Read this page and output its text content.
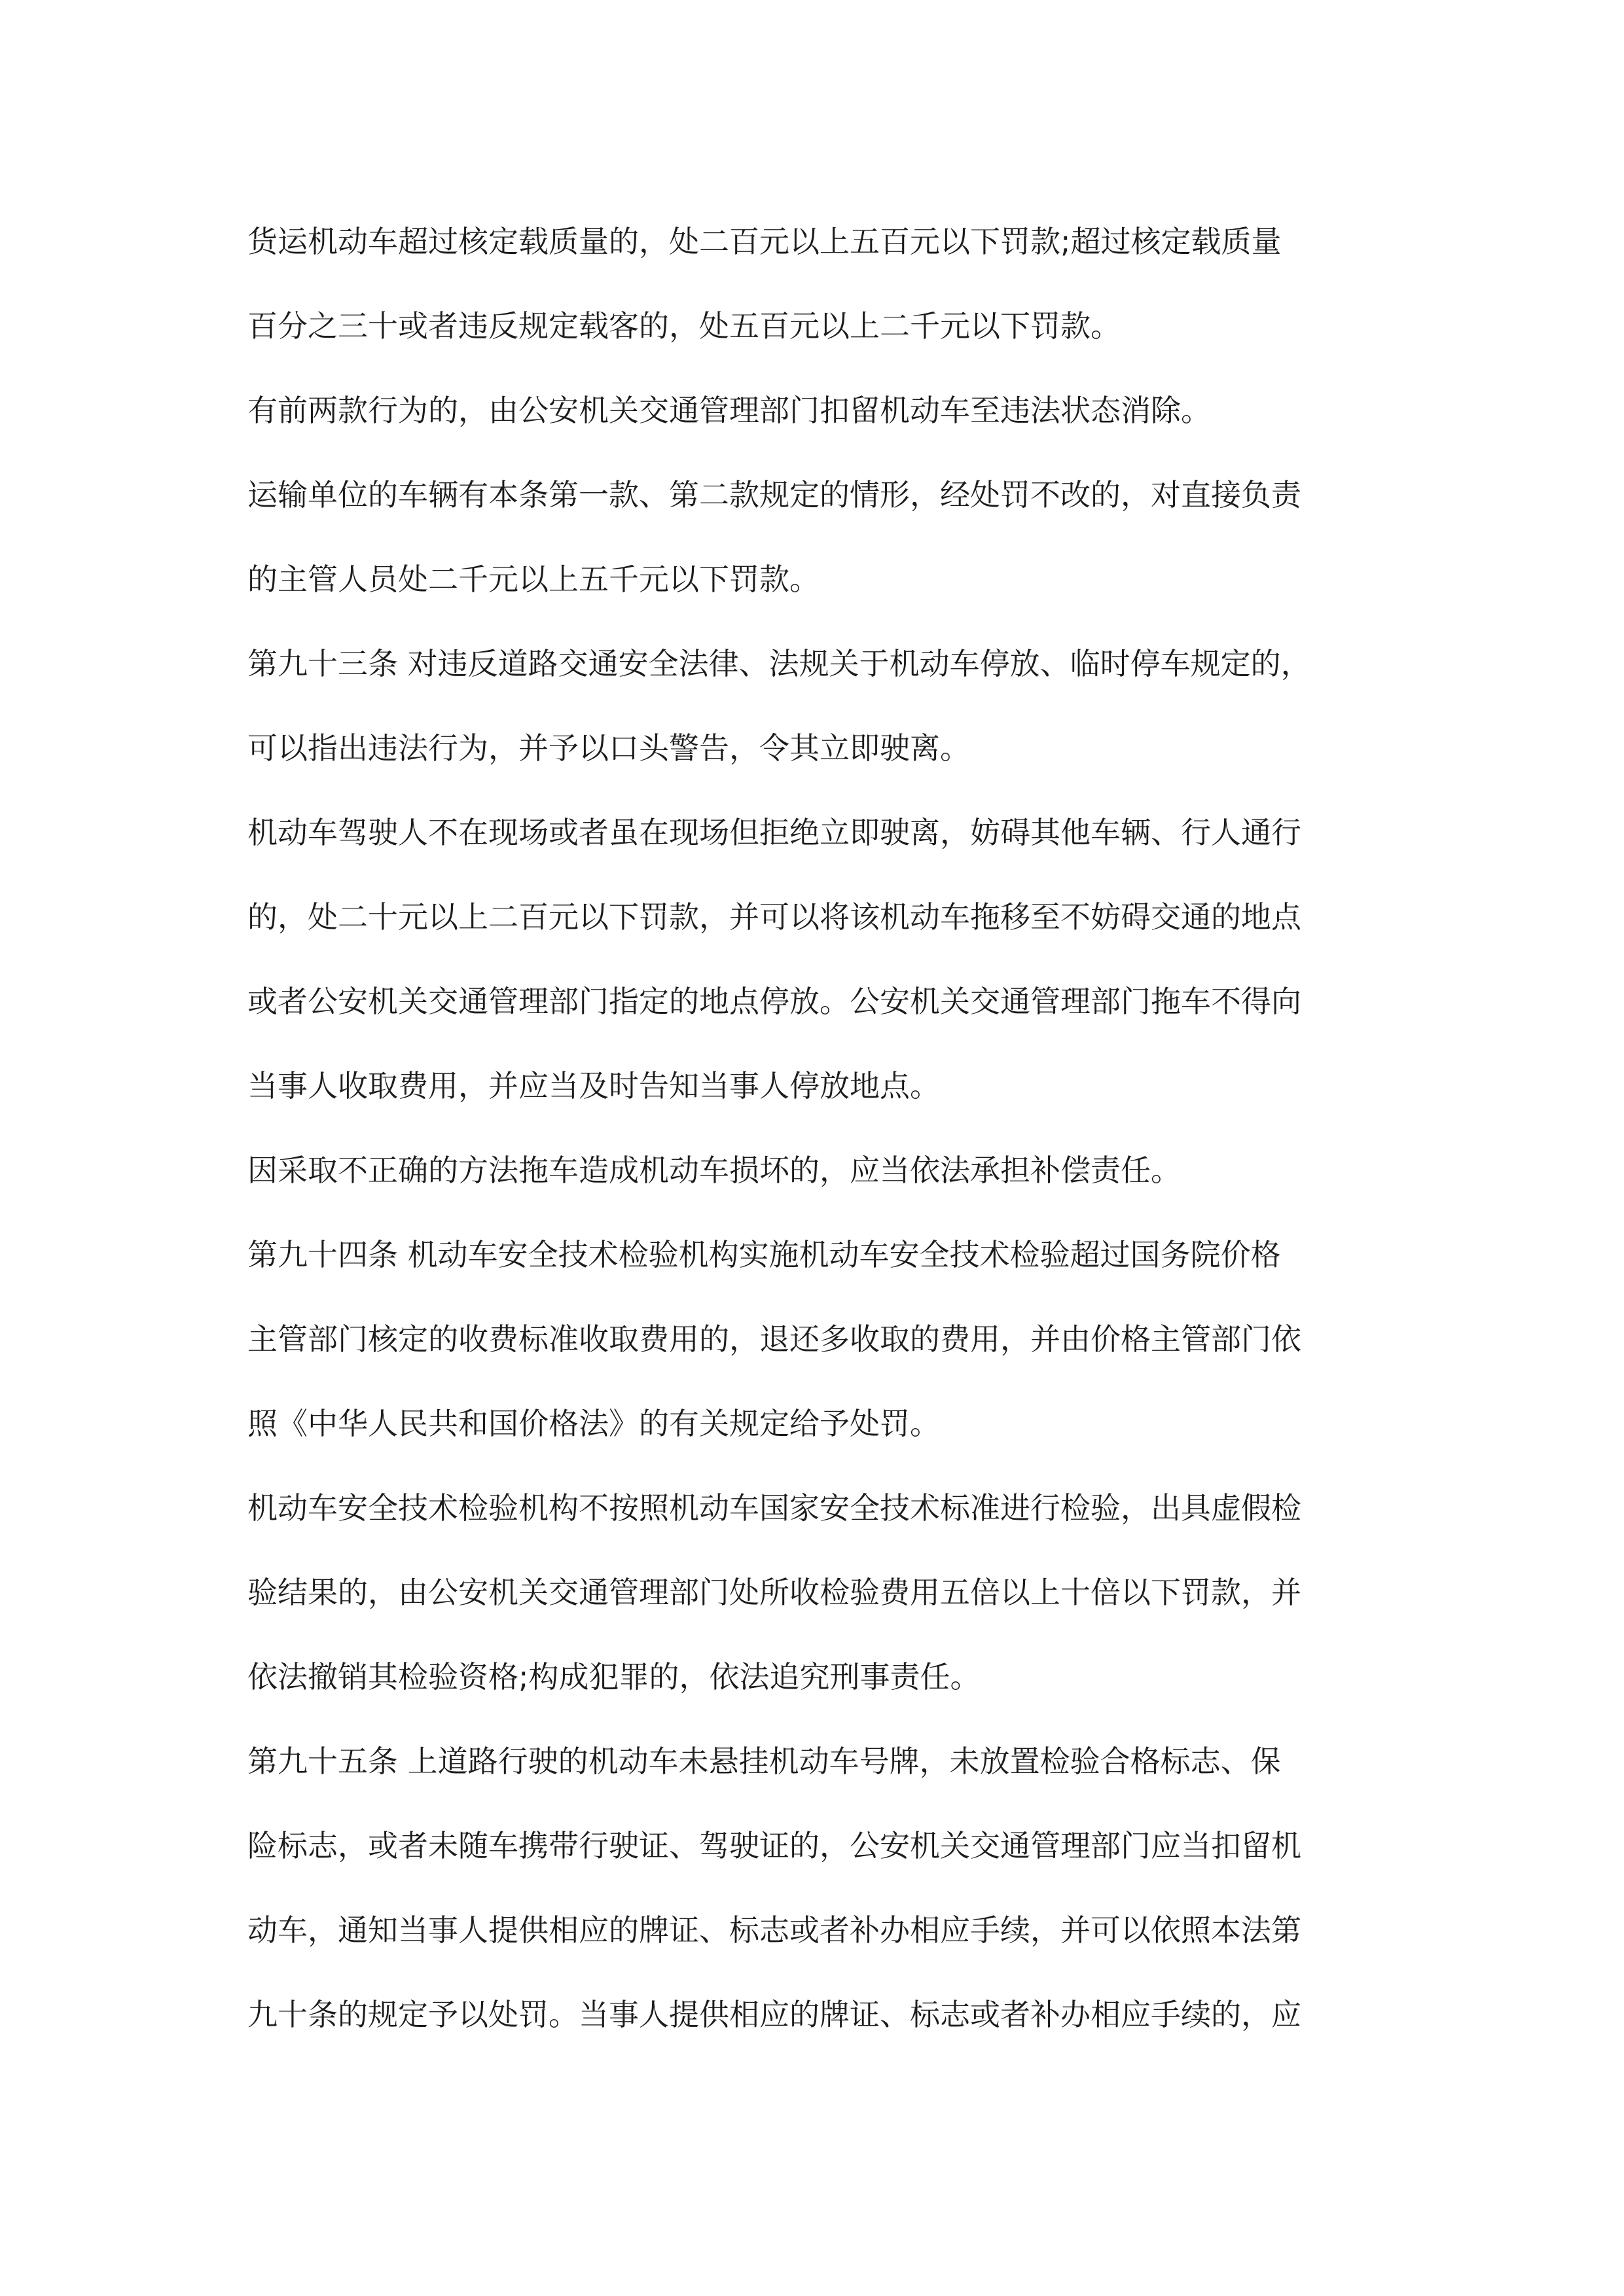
货运机动车超过核定载质量的，处二百元以上五百元以下罚款;超过核定载质量
百分之三十或者违反规定载客的，处五百元以上二千元以下罚款。
有前两款行为的，由公安机关交通管理部门扣留机动车至违法状态消除。
运输单位的车辆有本条第一款、第二款规定的情形，经处罚不改的，对直接负责
的主管人员处二千元以上五千元以下罚款。
第九十三条 对违反道路交通安全法律、法规关于机动车停放、临时停车规定的，
可以指出违法行为，并予以口头警告，令其立即驶离。
机动车驾驶人不在现场或者虽在现场但拒绝立即驶离，妨碍其他车辆、行人通行
的，处二十元以上二百元以下罚款，并可以将该机动车拖移至不妨碍交通的地点
或者公安机关交通管理部门指定的地点停放。公安机关交通管理部门拖车不得向
当事人收取费用，并应当及时告知当事人停放地点。
因采取不正确的方法拖车造成机动车损坏的，应当依法承担补偿责任。
第九十四条 机动车安全技术检验机构实施机动车安全技术检验超过国务院价格
主管部门核定的收费标准收取费用的，退还多收取的费用，并由价格主管部门依
照《中华人民共和国价格法》的有关规定给予处罚。
机动车安全技术检验机构不按照机动车国家安全技术标准进行检验，出具虚假检
验结果的，由公安机关交通管理部门处所收检验费用五倍以上十倍以下罚款，并
依法撤销其检验资格;构成犯罪的，依法追究刑事责任。
第九十五条 上道路行驶的机动车未悬挂机动车号牌，未放置检验合格标志、保
险标志，或者未随车携带行驶证、驾驶证的，公安机关交通管理部门应当扣留机
动车，通知当事人提供相应的牌证、标志或者补办相应手续，并可以依照本法第
九十条的规定予以处罚。当事人提供相应的牌证、标志或者补办相应手续的，应
